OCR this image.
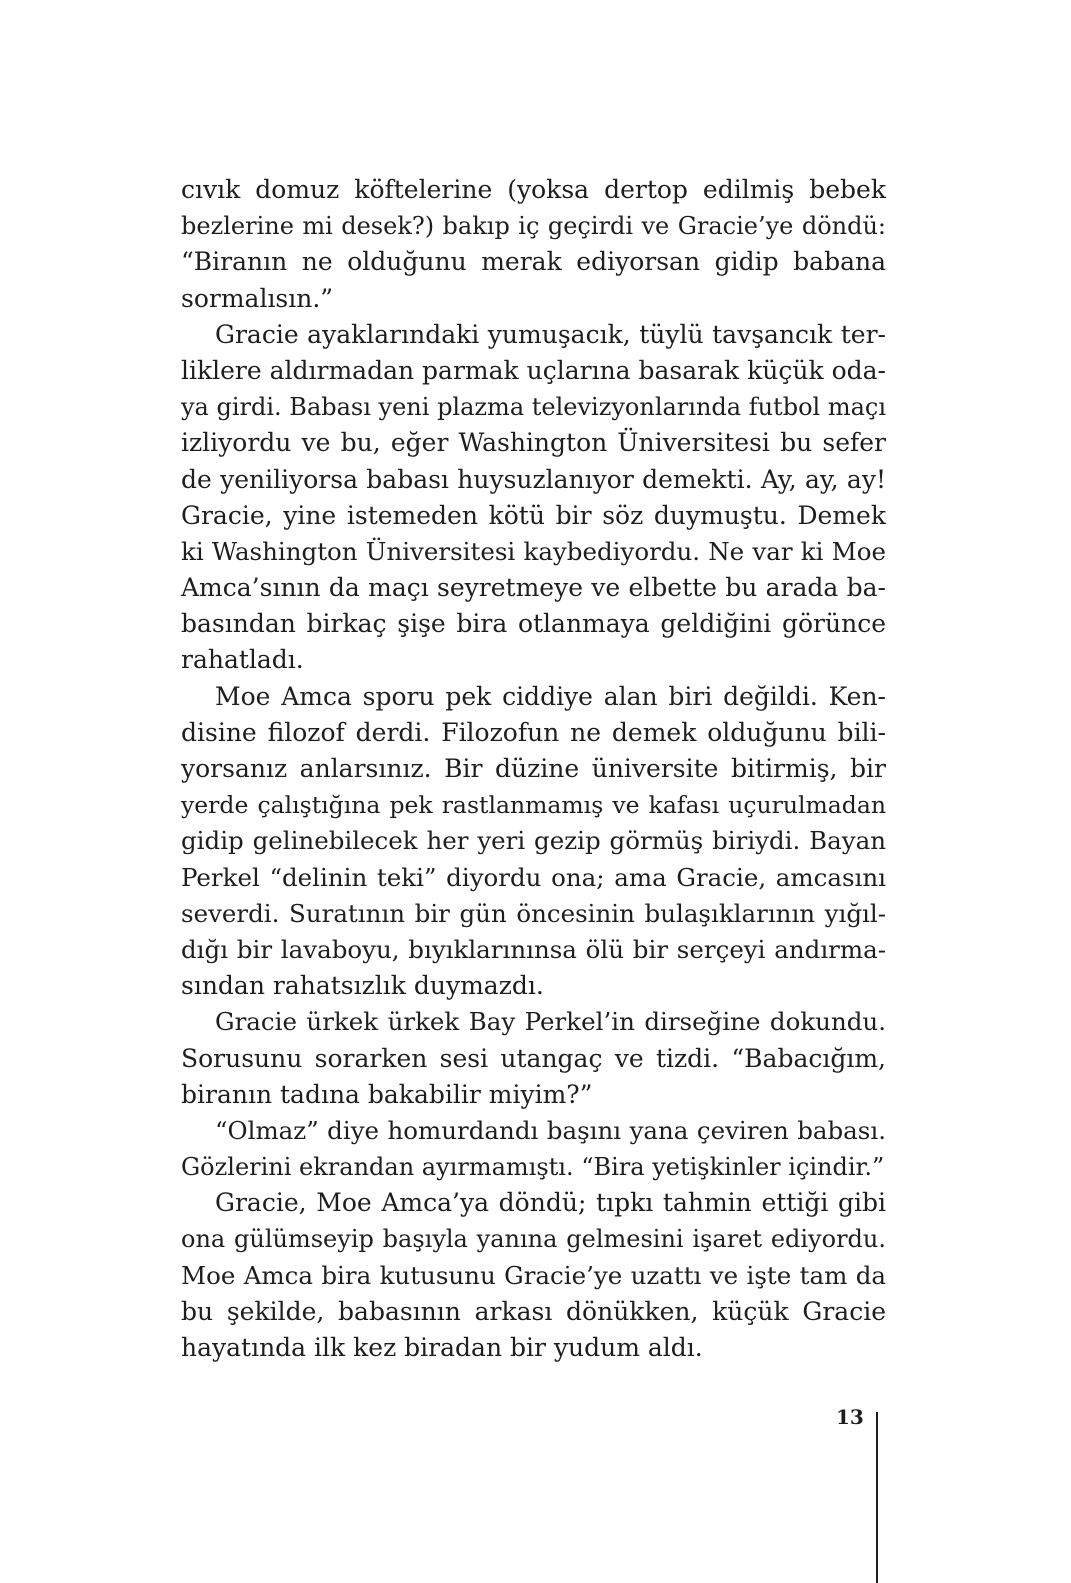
cıvık domuz köftelerine (yoksa dertop edilmiş bebek
bezlerine mi desek?) bakıp iç geçirdi ve Gracie’ye döndü:
“Biranın ne olduğunu merak ediyorsan gidip babana
sormalısın.”
Gracie ayaklarındaki yumuşacık, tüylü tavşancık ter-
liklere aldırmadan parmak uçlarına basarak küçük oda-
ya girdi. Babası yeni plazma televizyonlarında futbol maçı
izliyordu ve bu, eğer Washington Üniversitesi bu sefer
de yeniliyorsa babası huysuzlanıyor demekti. Ay, ay, ay!
Gracie, yine istemeden kötü bir söz duymuştu. Demek
ki Washington Üniversitesi kaybediyordu. Ne var ki Moe
Amca’sının da maçı seyretmeye ve elbette bu arada ba-
basından birkaç şişe bira otlanmaya geldiğini görünce
rahatladı.
Moe Amca sporu pek ciddiye alan biri değildi. Ken-
disine filozof derdi. Filozofun ne demek olduğunu bili-
yorsanız anlarsınız. Bir düzine üniversite bitirmiş, bir
yerde çalıştığına pek rastlanmamış ve kafası uçurulmadan
gidip gelinebilecek her yeri gezip görmüş biriydi. Bayan
Perkel “delinin teki” diyordu ona; ama Gracie, amcasını
severdi. Suratının bir gün öncesinin bulaşıklarının yığıl-
dığı bir lavaboyu, bıyıklarınınsa ölü bir serçeyi andırma-
sından rahatsızlık duymazdı.
Gracie ürkek ürkek Bay Perkel’in dirseğine dokundu.
Sorusunu sorarken sesi utangaç ve tizdi. “Babacığım,
biranın tadına bakabilir miyim?”
“Olmaz” diye homurdandı başını yana çeviren babası.
Gözlerini ekrandan ayırmamıştı. “Bira yetişkinler içindir.”
Gracie, Moe Amca’ya döndü; tıpkı tahmin ettiği gibi
ona gülümseyip başıyla yanına gelmesini işaret ediyordu.
Moe Amca bira kutusunu Gracie’ye uzattı ve işte tam da
bu şekilde, babasının arkası dönükken, küçük Gracie
hayatında ilk kez biradan bir yudum aldı.
13
